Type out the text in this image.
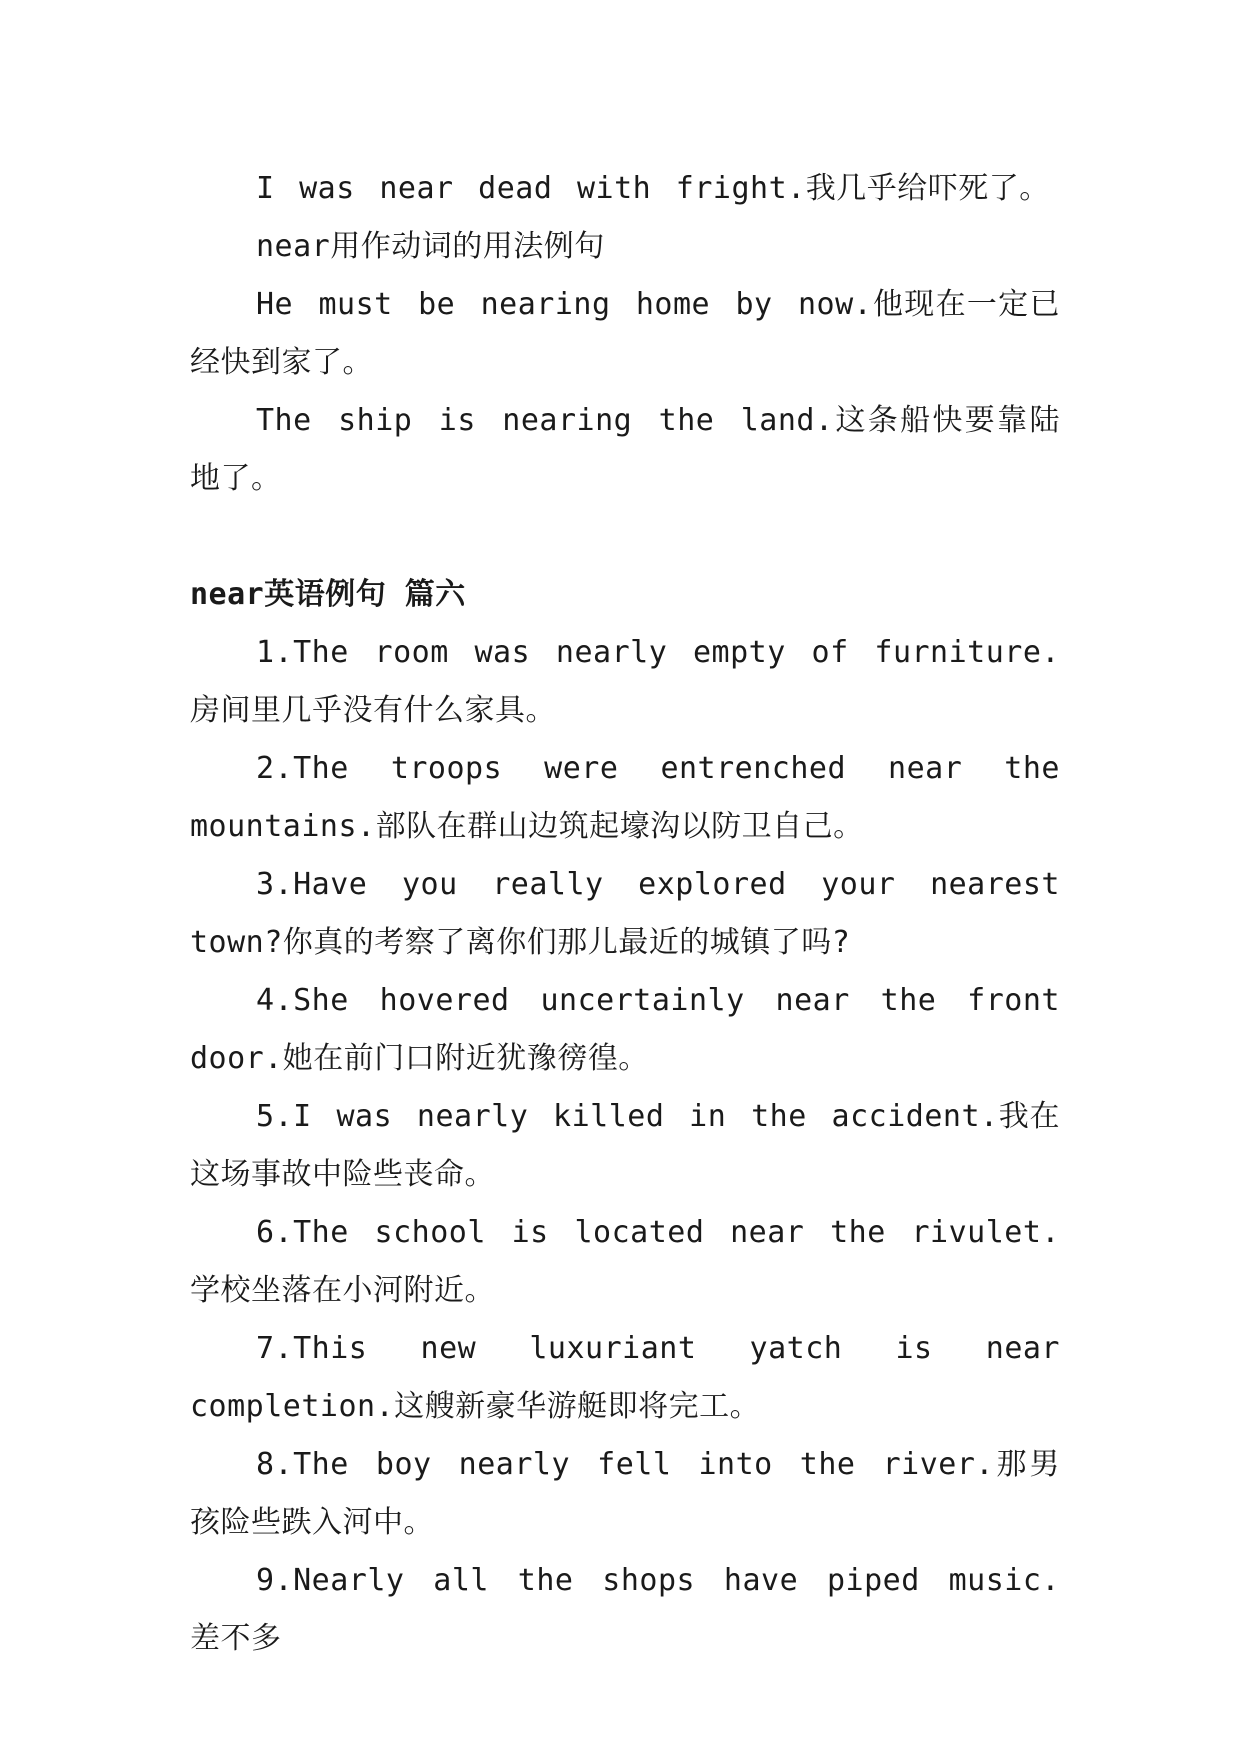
I was near dead with fright.我几乎给吓死了。

near用作动词的用法例句

He must be nearing home by now.他现在一定已经快到家了。

The ship is nearing the land.这条船快要靠陆地了。

near英语例句 篇六

1.The room was nearly empty of furniture.房间里几乎没有什么家具。

2.The troops were entrenched near the mountains.部队在群山边筑起壕沟以防卫自己。

3.Have you really explored your nearest town?你真的考察了离你们那儿最近的城镇了吗?

4.She hovered uncertainly near the front door.她在前门口附近犹豫徬徨。

5.I was nearly killed in the accident.我在这场事故中险些丧命。

6.The school is located near the rivulet.学校坐落在小河附近。

7.This new luxuriant yatch is near completion.这艘新豪华游艇即将完工。

8.The boy nearly fell into the river.那男孩险些跌入河中。

9.Nearly all the shops have piped music.差不多
